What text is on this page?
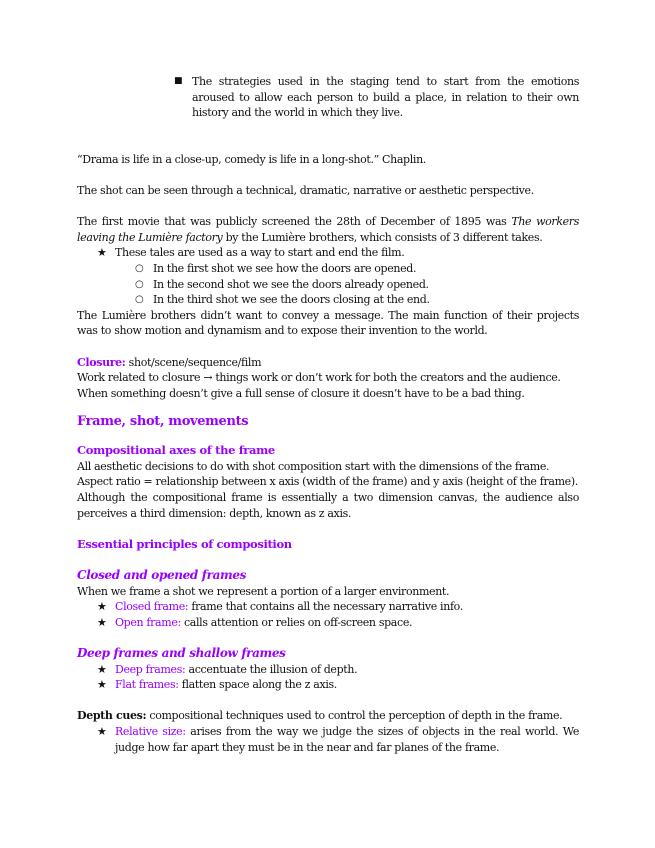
■ The strategies used in the staging tend to start from the emotions aroused to allow each person to build a place, in relation to their own history and the world in which they live.

“Drama is life in a close-up, comedy is life in a long-shot.” Chaplin.

The shot can be seen through a technical, dramatic, narrative or aesthetic perspective.

The first movie that was publicly screened the 28th of December of 1895 was The workers leaving the Lumière factory by the Lumière brothers, which consists of 3 different takes.

★ These tales are used as a way to start and end the film.

○ In the first shot we see how the doors are opened.

○ In the second shot we see the doors already opened.

○ In the third shot we see the doors closing at the end.

The Lumière brothers didn’t want to convey a message. The main function of their projects was to show motion and dynamism and to expose their invention to the world.

Closure: shot/scene/sequence/film

Work related to closure → things work or don’t work for both the creators and the audience.

When something doesn’t give a full sense of closure it doesn’t have to be a bad thing.

Frame, shot, movements

Compositional axes of the frame

All aesthetic decisions to do with shot composition start with the dimensions of the frame.

Aspect ratio = relationship between x axis (width of the frame) and y axis (height of the frame).

Although the compositional frame is essentially a two dimension canvas, the audience also perceives a third dimension: depth, known as z axis.

Essential principles of composition

Closed and opened frames

When we frame a shot we represent a portion of a larger environment.

★ Closed frame: frame that contains all the necessary narrative info.

★ Open frame: calls attention or relies on off-screen space.

Deep frames and shallow frames

★ Deep frames: accentuate the illusion of depth.

★ Flat frames: flatten space along the z axis.

Depth cues: compositional techniques used to control the perception of depth in the frame.

★ Relative size: arises from the way we judge the sizes of objects in the real world. We judge how far apart they must be in the near and far planes of the frame.
